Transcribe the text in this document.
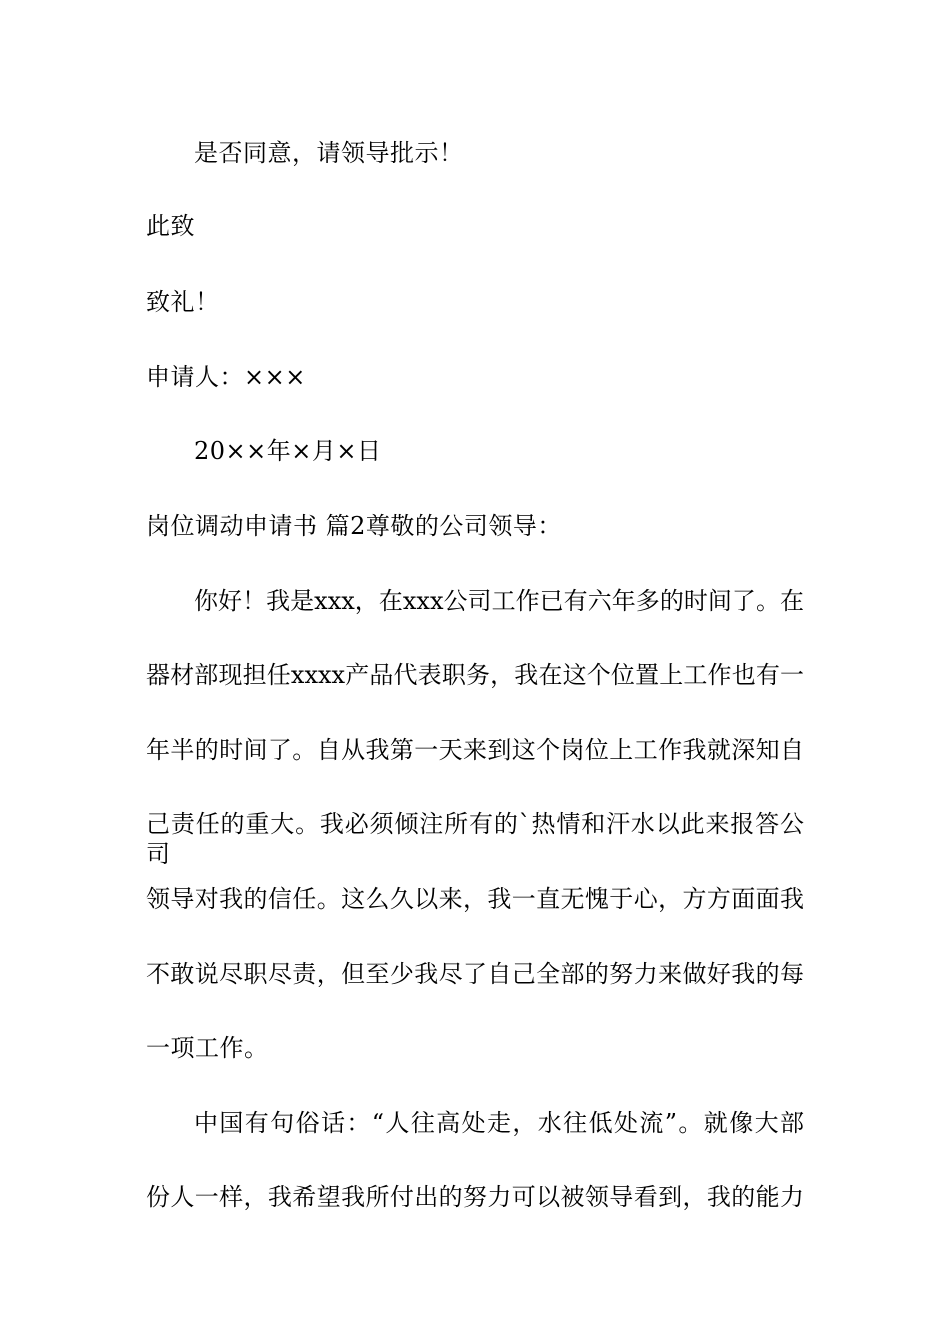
是否同意，请领导批示！
此致
致礼！
申请人：×××
20××年×月×日
岗位调动申请书 篇2尊敬的公司领导：
你好！我是xxx，在xxx公司工作已有六年多的时间了。在
器材部现担任xxxx产品代表职务，我在这个位置上工作也有一
年半的时间了。自从我第一天来到这个岗位上工作我就深知自
己责任的重大。我必须倾注所有的`热情和汗水以此来报答公司
领导对我的信任。这么久以来，我一直无愧于心，方方面面我
不敢说尽职尽责，但至少我尽了自己全部的努力来做好我的每
一项工作。
中国有句俗话：“人往高处走，水往低处流”。就像大部
份人一样，我希望我所付出的努力可以被领导看到，我的能力
